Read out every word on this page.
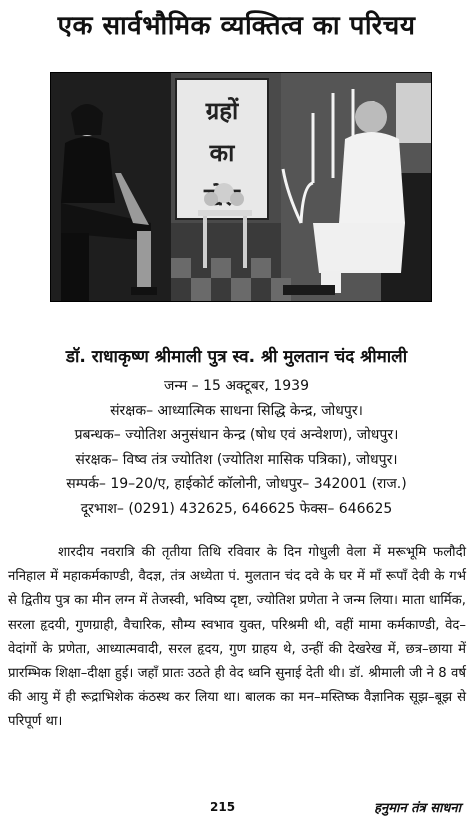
एक सार्वभौमिक व्यक्तित्व का परिचय
ग्रहों
का
डॉ. राधाकृष्ण श्रीमाली पुत्र स्व. श्री मुलतान चंद श्रीमाली
जन्म – 15 अक्टूबर, 1939
संरक्षक– आध्यात्मिक साधना सिद्धि केन्द्र, जोधपुर।
प्रबन्धक– ज्योतिश अनुसंधान केन्द्र (षोध एवं अन्वेशण), जोधपुर।
संरक्षक– विष्व तंत्र ज्योतिश (ज्योतिश मासिक पत्रिका), जोधपुर।
सम्पर्क– 19–20/ए, हाईकोर्ट कॉलोनी, जोधपुर– 342001 (राज.)
दूरभाश– (0291) 432625, 646625 फेक्स– 646625

शारदीय नवरात्रि की तृतीया तिथि रविवार के दिन गोधुली वेला में मरूभूमि फलौदी ननिहाल में महाकर्मकाण्डी, वैदज्ञ, तंत्र अध्येता पं. मुलतान चंद दवे के घर में माँ रूपाँ देवी के गर्भ से द्वितीय पुत्र का मीन लग्न में तेजस्वी, भविष्य दृष्टा, ज्योतिश प्रणेता ने जन्म लिया। माता धार्मिक, सरला हृदयी, गुणग्राही, वैचारिक, सौम्य स्वभाव युक्त, परिश्रमी थी, वहीं मामा कर्मकाण्डी, वेद–वेदांगों के प्रणेता, आध्यात्मवादी, सरल हृदय, गुण ग्राहय थे, उन्हीं की देखरेख में, छत्र–छाया में प्रारम्भिक शिक्षा–दीक्षा हुई। जहाँ प्रातः उठते ही वेद ध्वनि सुनाई देती थी। डॉ. श्रीमाली जी ने 8 वर्ष की आयु में ही रूद्राभिशेक कंठस्थ कर लिया था। बालक का मन–मस्तिष्क वैज्ञानिक सूझ–बूझ से परिपूर्ण था।

215	हनुमान तंत्र साधना
